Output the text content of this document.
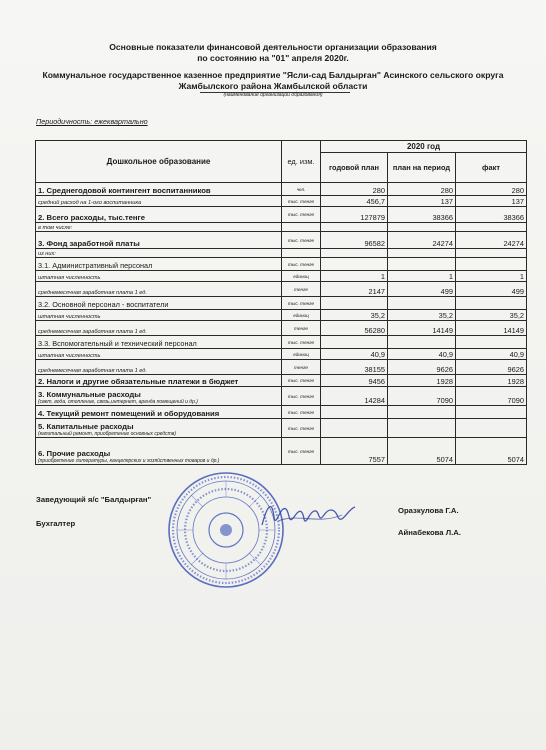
Основные показатели финансовой деятельности организации образования
по состоянию на "01" апреля 2020г.
Коммунальное государственное казенное предприятие "Ясли-сад Балдырған" Асинского сельского округа
Жамбылского района Жамбылской области
(наименование организации образования)
Периодичность: ежеквартально
Дошкольное образование	ед. изм.	2020 год		
		годовой план	план на период	факт
1. Среднегодовой контингент воспитанников	чел.	280	280	280
средний расход на 1-ого воспитанника	тыс. тенге	456,7	137	137
2. Всего расходы, тыс.тенге	тыс. тенге	127879	38366	38366
в том числе:				
3. Фонд заработной платы	тыс. тенге	96582	24274	24274
из них:				
3.1. Административный персонал	тыс. тенге			
штатная численность	единиц	1	1	1
среднемесячная заработная плата 1 ед.	тенге	2147	499	499
3.2. Основной персонал - воспитатели	тыс. тенге			
штатная численность	единиц	35,2	35,2	35,2
среднемесячная заработная плата 1 ед.	тенге	56280	14149	14149
3.3. Вспомогательный и технический персонал	тыс. тенге			
штатная численность	единиц	40,9	40,9	40,9
среднемесячная заработная плата 1 ед.	тенге	38155	9626	9626
2. Налоги и другие обязательные платежи в бюджет	тыс. тенге	9456	1928	1928
3. Коммунальные расходы
(свет, вода, отопление, связь,интернет, аренда помещений и др.)	тыс. тенге	14284	7090	7090
4. Текущий ремонт помещений и оборудования	тыс. тенге			
5. Капитальные расходы
(капитальный ремонт, приобретение основных средств)	тыс. тенге			
6. Прочие расходы
(приобретение литературы, канцелярских и хозяйственных товаров и др.)	тыс. тенге	7557	5074	5074
Заведующий я/с "Балдырған"
Оразкулова Г.А.
Бухгалтер
Айнабекова Л.А.
